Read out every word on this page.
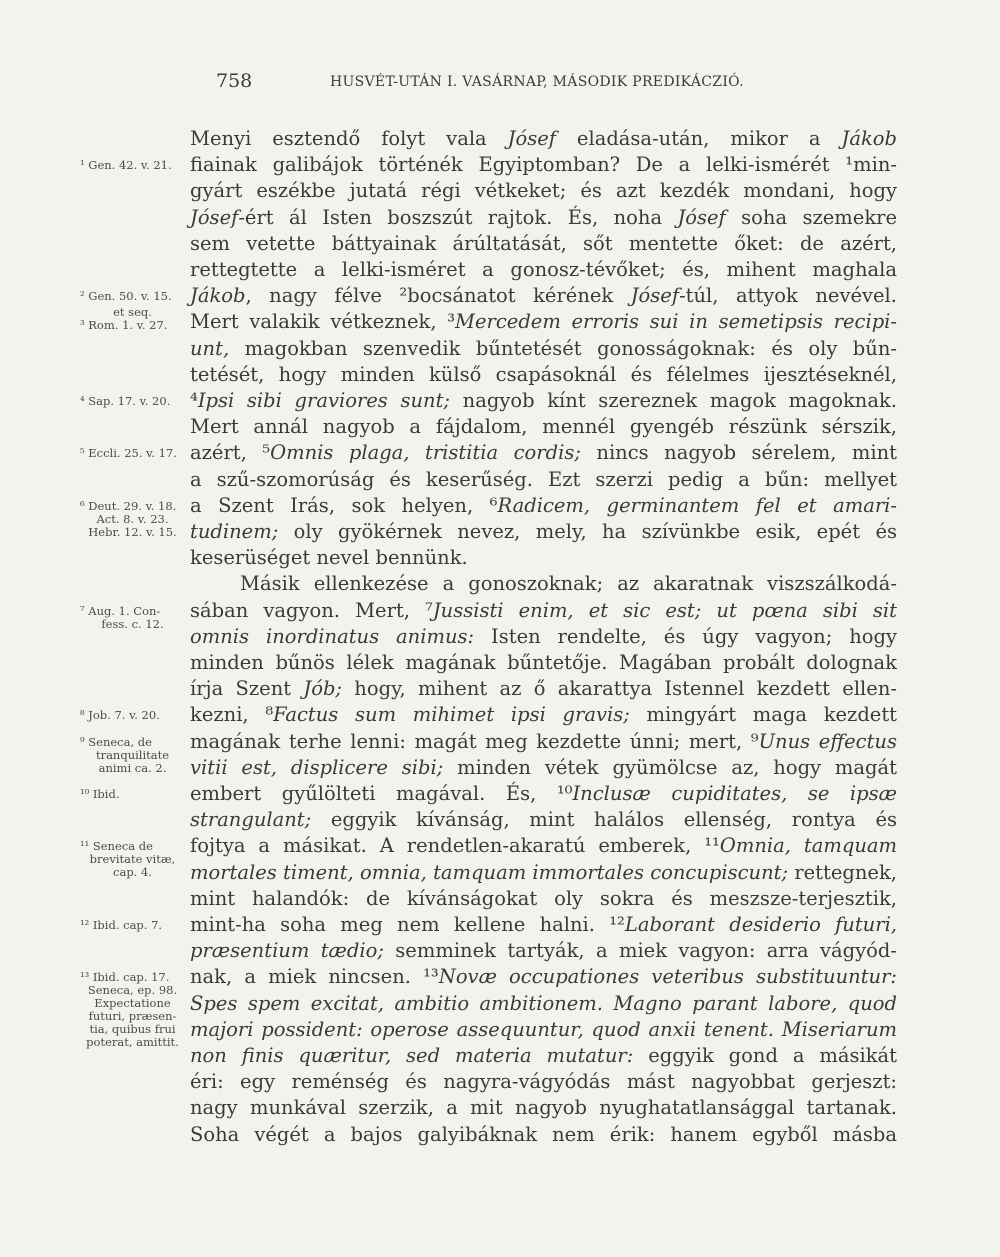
758	HUSVÉT-UTÁN I. VASÁRNAP, MÁSODIK PREDIKÁCZIÓ.
Menyi esztendő folyt vala Jósef eladása-után, mikor a Jákob
fiainak galibájok történék Egyiptomban? De a lelki-ismérét ¹min-
gyárt eszékbe jutatá régi vétkeket; és azt kezdék mondani, hogy
Jósef-ért ál Isten boszszút rajtok. És, noha Jósef soha szemekre
sem vetette báttyainak árúltatását, sőt mentette őket: de azért,
rettegtette a lelki-isméret a gonosz-tévőket; és, mihent maghala
Jákob, nagy félve ²bocsánatot kérének Jósef-túl, attyok nevével.
Mert valakik vétkeznek, ³Mercedem erroris sui in semetipsis recipi-
unt, magokban szenvedik bűntetését gonosságoknak: és oly bűn-
tetését, hogy minden külső csapásoknál és félelmes ijesztéseknél,
⁴Ipsi sibi graviores sunt; nagyob kínt szereznek magok magoknak.
Mert annál nagyob a fájdalom, mennél gyengéb részünk sérszik,
azért, ⁵Omnis plaga, tristitia cordis; nincs nagyob sérelem, mint
a szű-szomorúság és keserűség. Ezt szerzi pedig a bűn: mellyet
a Szent Irás, sok helyen, ⁶Radicem, germinantem fel et amari-
tudinem; oly gyökérnek nevez, mely, ha szívünkbe esik, epét és
keserüséget nevel bennünk.
Másik ellenkezése a gonoszoknak; az akaratnak viszszálkodá-
sában vagyon. Mert, ⁷Jussisti enim, et sic est; ut pœna sibi sit
omnis inordinatus animus: Isten rendelte, és úgy vagyon; hogy
minden bűnös lélek magának bűntetője. Magában probált dolognak
írja Szent Jób; hogy, mihent az ő akarattya Istennel kezdett ellen-
kezni, ⁸Factus sum mihimet ipsi gravis; mingyárt maga kezdett
magának terhe lenni: magát meg kezdette únni; mert, ⁹Unus effectus
vitii est, displicere sibi; minden vétek gyümölcse az, hogy magát
embert gyűlölteti magával. És, ¹⁰Inclusæ cupiditates, se ipsæ
strangulant; eggyik kívánság, mint halálos ellenség, rontya és
fojtya a másikat. A rendetlen-akaratú emberek, ¹¹Omnia, tamquam
mortales timent, omnia, tamquam immortales concupiscunt; rettegnek,
mint halandók: de kívánságokat oly sokra és meszsze-terjesztik,
mint-ha soha meg nem kellene halni. ¹²Laborant desiderio futuri,
præsentium tædio; semminek tartyák, a miek vagyon: arra vágyód-
nak, a miek nincsen. ¹³Novæ occupationes veteribus substituuntur:
Spes spem excitat, ambitio ambitionem. Magno parant labore, quod
majori possident: operose assequuntur, quod anxii tenent. Miseriarum
non finis quæritur, sed materia mutatur: eggyik gond a másikát
éri: egy reménség és nagyra-vágyódás mást nagyobbat gerjeszt:
nagy munkával szerzik, a mit nagyob nyughatatlansággal tartanak.
Soha végét a bajos galyibáknak nem érik: hanem egyből másba
¹ Gen. 42. v. 21.
² Gen. 50. v. 15.
et seq.
³ Rom. 1. v. 27.
⁴ Sap. 17. v. 20.
⁵ Eccli. 25. v. 17.
⁶ Deut. 29. v. 18.
Act. 8. v. 23.
Hebr. 12. v. 15.
⁷ Aug. 1. Con-
fess. c. 12.
⁸ Job. 7. v. 20.
⁹ Seneca, de
tranquilitate
animi ca. 2.
¹⁰ Ibid.
¹¹ Seneca de
brevitate vitæ,
cap. 4.
¹² Ibid. cap. 7.
¹³ Ibid. cap. 17.
Seneca, ep. 98.
Expectatione
futuri, præsen-
tia, quibus frui
poterat, amittit.
